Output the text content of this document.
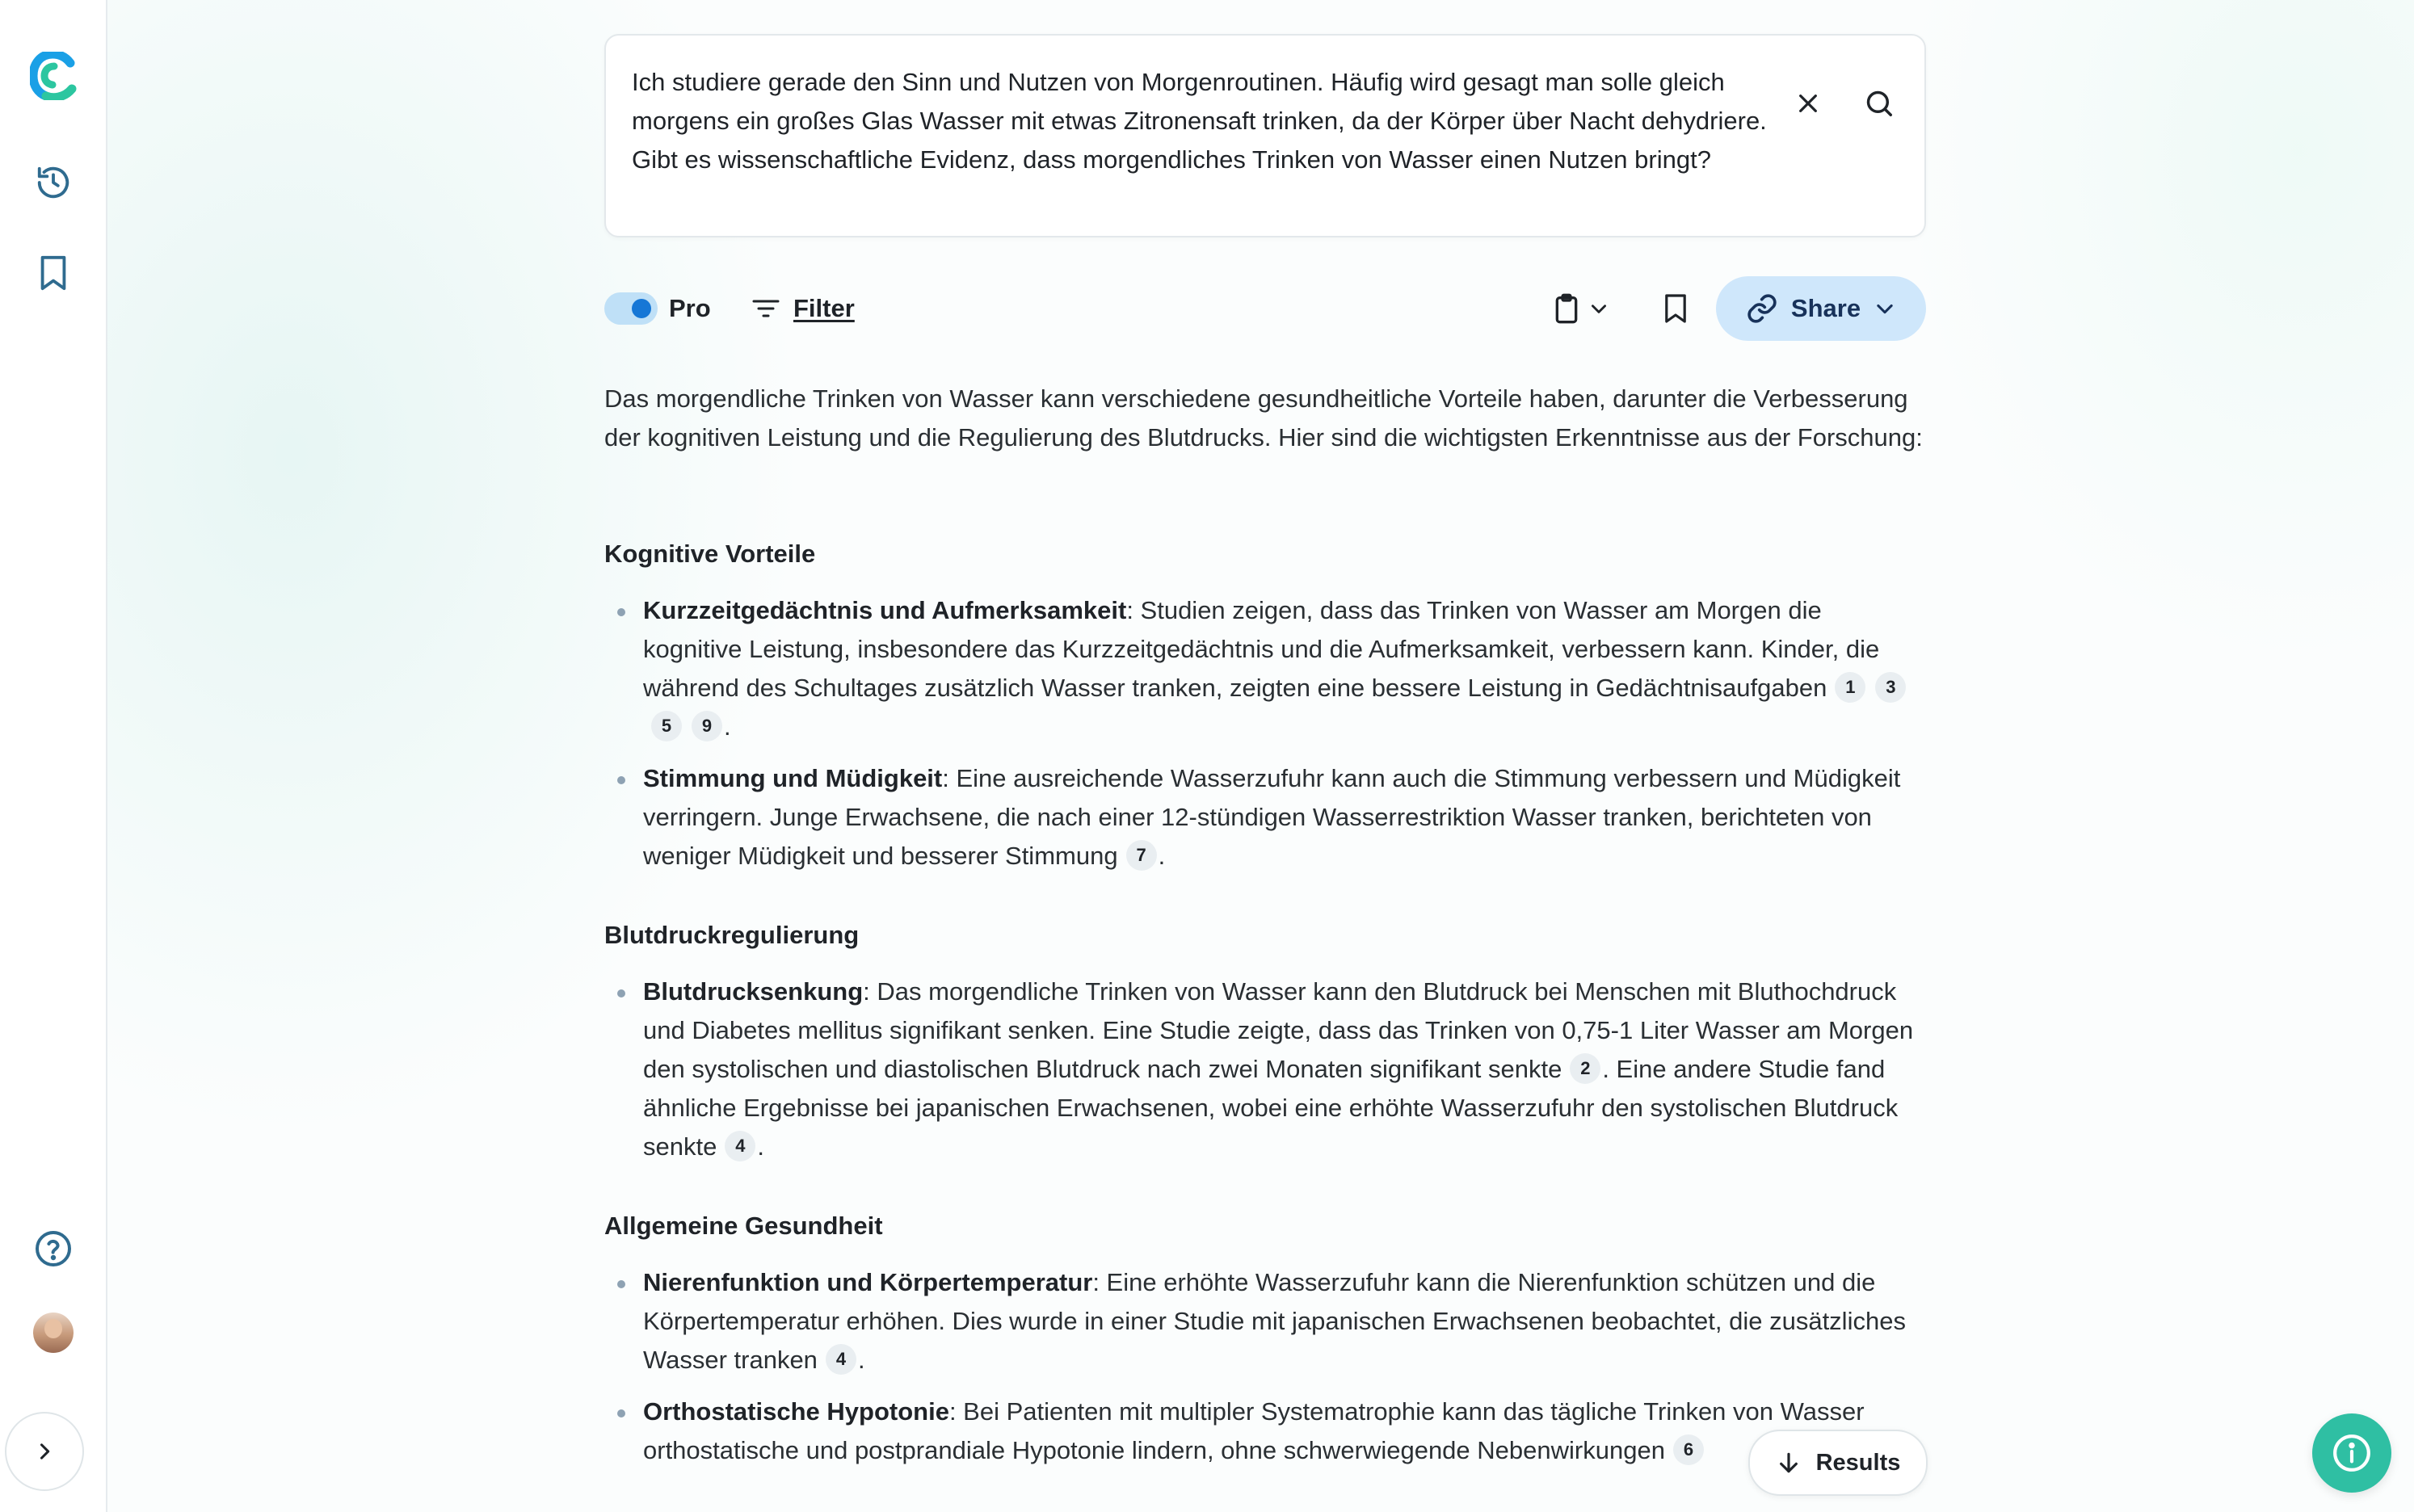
Ich studiere gerade den Sinn und Nutzen von Morgenroutinen. Häufig wird gesagt man solle gleich morgens ein großes Glas Wasser mit etwas Zitronensaft trinken, da der Körper über Nacht dehydriere. Gibt es wissenschaftliche Evidenz, dass morgendliches Trinken von Wasser einen Nutzen bringt?
Pro	Filter	Share

Das morgendliche Trinken von Wasser kann verschiedene gesundheitliche Vorteile haben, darunter die Verbesserung der kognitiven Leistung und die Regulierung des Blutdrucks. Hier sind die wichtigsten Erkenntnisse aus der Forschung:

Kognitive Vorteile
Kurzzeitgedächtnis und Aufmerksamkeit: Studien zeigen, dass das Trinken von Wasser am Morgen die kognitive Leistung, insbesondere das Kurzzeitgedächtnis und die Aufmerksamkeit, verbessern kann. Kinder, die während des Schultages zusätzlich Wasser tranken, zeigten eine bessere Leistung in Gedächtnisaufgaben 1 35 9 .
Stimmung und Müdigkeit: Eine ausreichende Wasserzufuhr kann auch die Stimmung verbessern und Müdigkeit verringern. Junge Erwachsene, die nach einer 12-stündigen Wasserrestriktion Wasser tranken, berichteten von weniger Müdigkeit und besserer Stimmung 7 .
Blutdruckregulierung
Blutdrucksenkung: Das morgendliche Trinken von Wasser kann den Blutdruck bei Menschen mit Bluthochdruck und Diabetes mellitus signifikant senken. Eine Studie zeigte, dass das Trinken von 0,75-1 Liter Wasser am Morgen den systolischen und diastolischen Blutdruck nach zwei Monaten signifikant senkte 2 . Eine andere Studie fand ähnliche Ergebnisse bei japanischen Erwachsenen, wobei eine erhöhte Wasserzufuhr den systolischen Blutdruck senkte 4 .
Allgemeine Gesundheit
Nierenfunktion und Körpertemperatur: Eine erhöhte Wasserzufuhr kann die Nierenfunktion schützen und die Körpertemperatur erhöhen. Dies wurde in einer Studie mit japanischen Erwachsenen beobachtet, die zusätzliches Wasser tranken 4 .
Orthostatische Hypotonie: Bei Patienten mit multipler Systematrophie kann das tägliche Trinken von Wasser orthostatische und postprandiale Hypotonie lindern, ohne schwerwiegende Nebenwirkungen 6
Results
